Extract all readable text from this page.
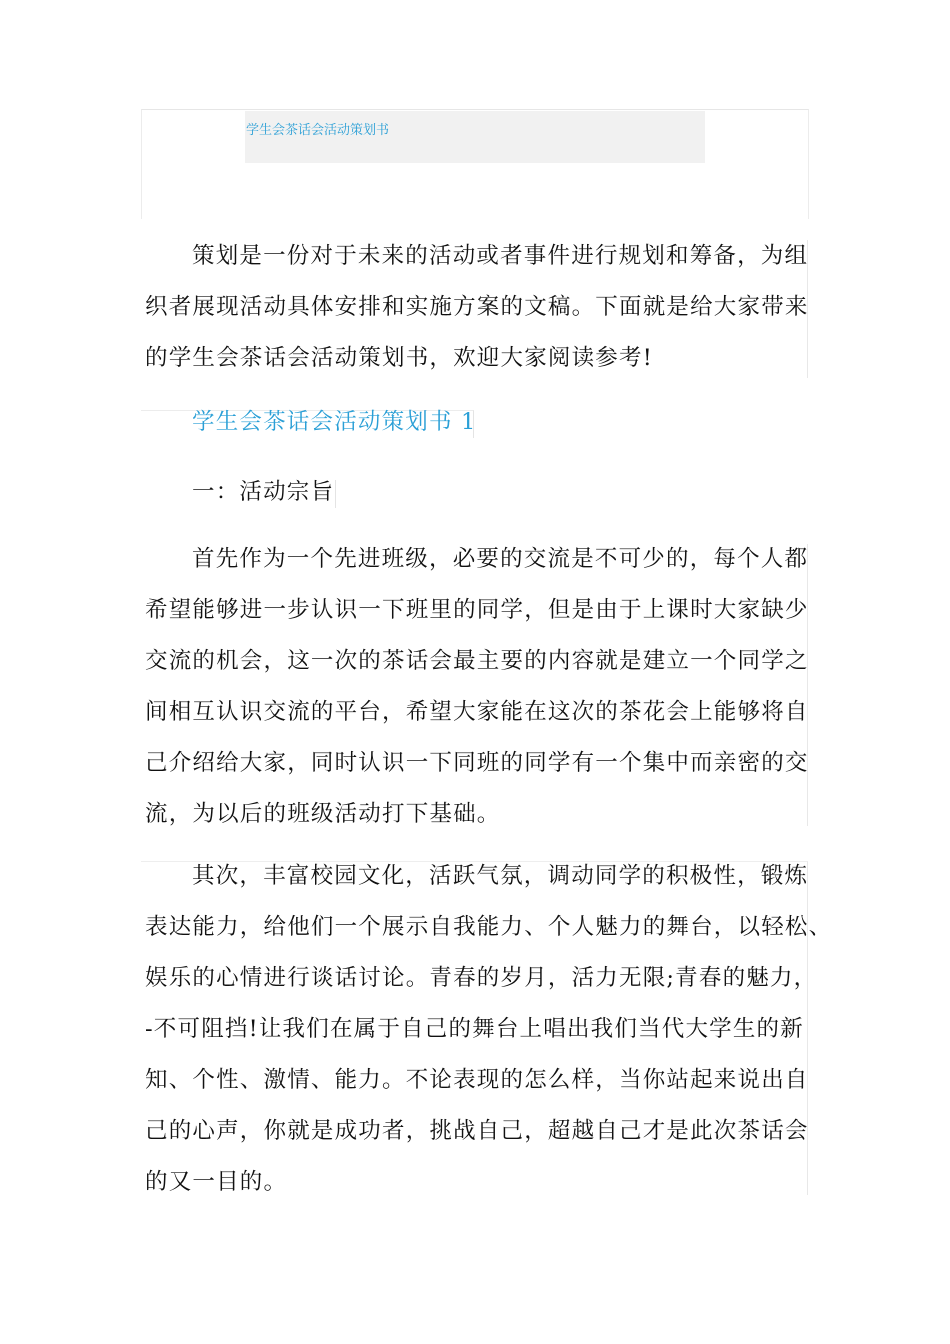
学生会茶话会活动策划书
策划是一份对于未来的活动或者事件进行规划和筹备，为组
织者展现活动具体安排和实施方案的文稿。下面就是给大家带来
的学生会茶话会活动策划书，欢迎大家阅读参考!
学生会茶话会活动策划书 1
一：活动宗旨
首先作为一个先进班级，必要的交流是不可少的，每个人都
希望能够进一步认识一下班里的同学，但是由于上课时大家缺少
交流的机会，这一次的茶话会最主要的内容就是建立一个同学之
间相互认识交流的平台，希望大家能在这次的茶花会上能够将自
己介绍给大家，同时认识一下同班的同学有一个集中而亲密的交
流，为以后的班级活动打下基础。
其次，丰富校园文化，活跃气氛，调动同学的积极性，锻炼
表达能力，给他们一个展示自我能力、个人魅力的舞台，以轻松、
娱乐的心情进行谈话讨论。青春的岁月，活力无限;青春的魅力，
-不可阻挡!让我们在属于自己的舞台上唱出我们当代大学生的新
知、个性、激情、能力。不论表现的怎么样，当你站起来说出自
己的心声，你就是成功者，挑战自己，超越自己才是此次茶话会
的又一目的。
